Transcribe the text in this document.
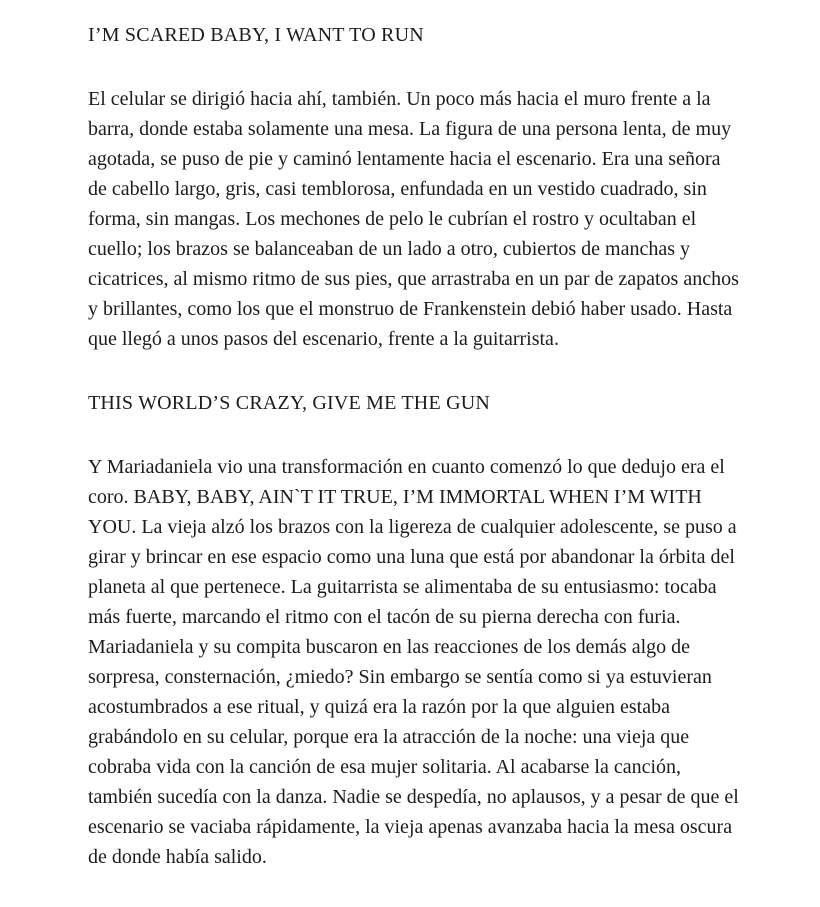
I’M SCARED BABY, I WANT TO RUN

El celular se dirigió hacia ahí, también. Un poco más hacia el muro frente a la barra, donde estaba solamente una mesa. La figura de una persona lenta, de muy agotada, se puso de pie y caminó lentamente hacia el escenario. Era una señora de cabello largo, gris, casi temblorosa, enfundada en un vestido cuadrado, sin forma, sin mangas. Los mechones de pelo le cubrían el rostro y ocultaban el cuello; los brazos se balanceaban de un lado a otro, cubiertos de manchas y cicatrices, al mismo ritmo de sus pies, que arrastraba en un par de zapatos anchos y brillantes, como los que el monstruo de Frankenstein debió haber usado. Hasta que llegó a unos pasos del escenario, frente a la guitarrista.

THIS WORLD’S CRAZY, GIVE ME THE GUN

Y Mariadaniela vio una transformación en cuanto comenzó lo que dedujo era el coro. BABY, BABY, AIN`T IT TRUE, I’M IMMORTAL WHEN I’M WITH YOU. La vieja alzó los brazos con la ligereza de cualquier adolescente, se puso a girar y brincar en ese espacio como una luna que está por abandonar la órbita del planeta al que pertenece. La guitarrista se alimentaba de su entusiasmo: tocaba más fuerte, marcando el ritmo con el tacón de su pierna derecha con furia. Mariadaniela y su compita buscaron en las reacciones de los demás algo de sorpresa, consternación, ¿miedo? Sin embargo se sentía como si ya estuvieran acostumbrados a ese ritual, y quizá era la razón por la que alguien estaba grabándolo en su celular, porque era la atracción de la noche: una vieja que cobraba vida con la canción de esa mujer solitaria. Al acabarse la canción, también sucedía con la danza. Nadie se despedía, no aplausos, y a pesar de que el escenario se vaciaba rápidamente, la vieja apenas avanzaba hacia la mesa oscura de donde había salido.
